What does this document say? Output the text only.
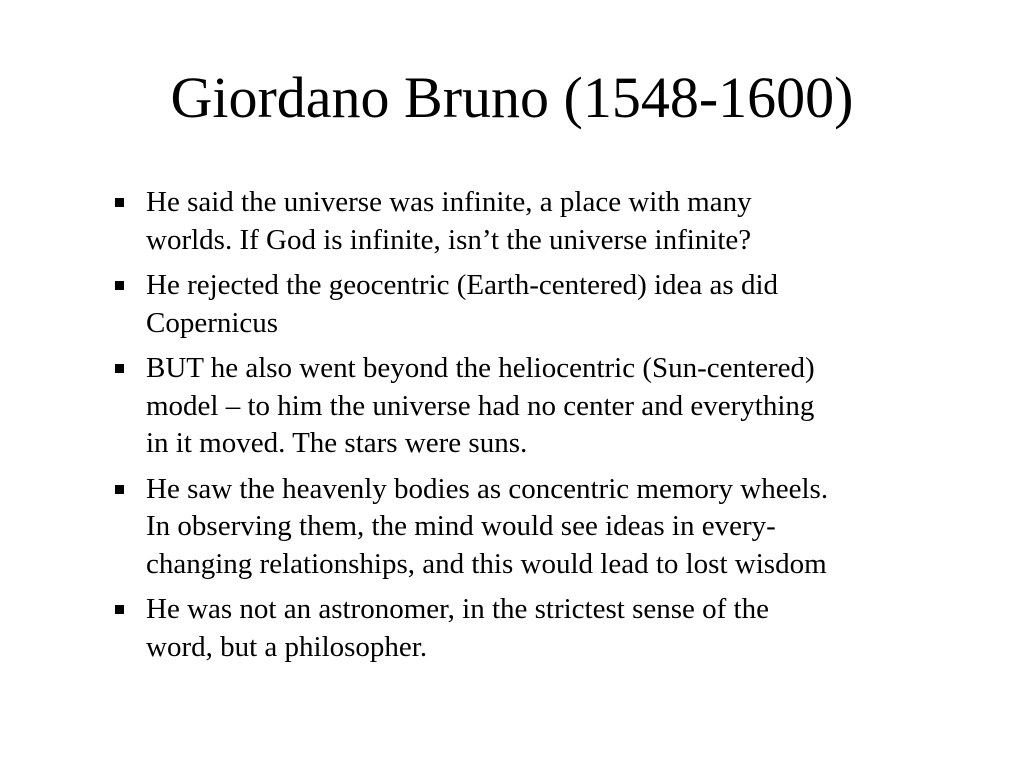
Giordano Bruno (1548-1600)
He said the universe was infinite, a place with many
worlds. If God is infinite, isn’t the universe infinite?
He rejected the geocentric (Earth-centered) idea as did
Copernicus
BUT he also went beyond the heliocentric (Sun-centered)
model – to him the universe had no center and everything
in it moved. The stars were suns.
He saw the heavenly bodies as concentric memory wheels.
In observing them, the mind would see ideas in every-
changing relationships, and this would lead to lost wisdom
He was not an astronomer, in the strictest sense of the
word, but a philosopher.
